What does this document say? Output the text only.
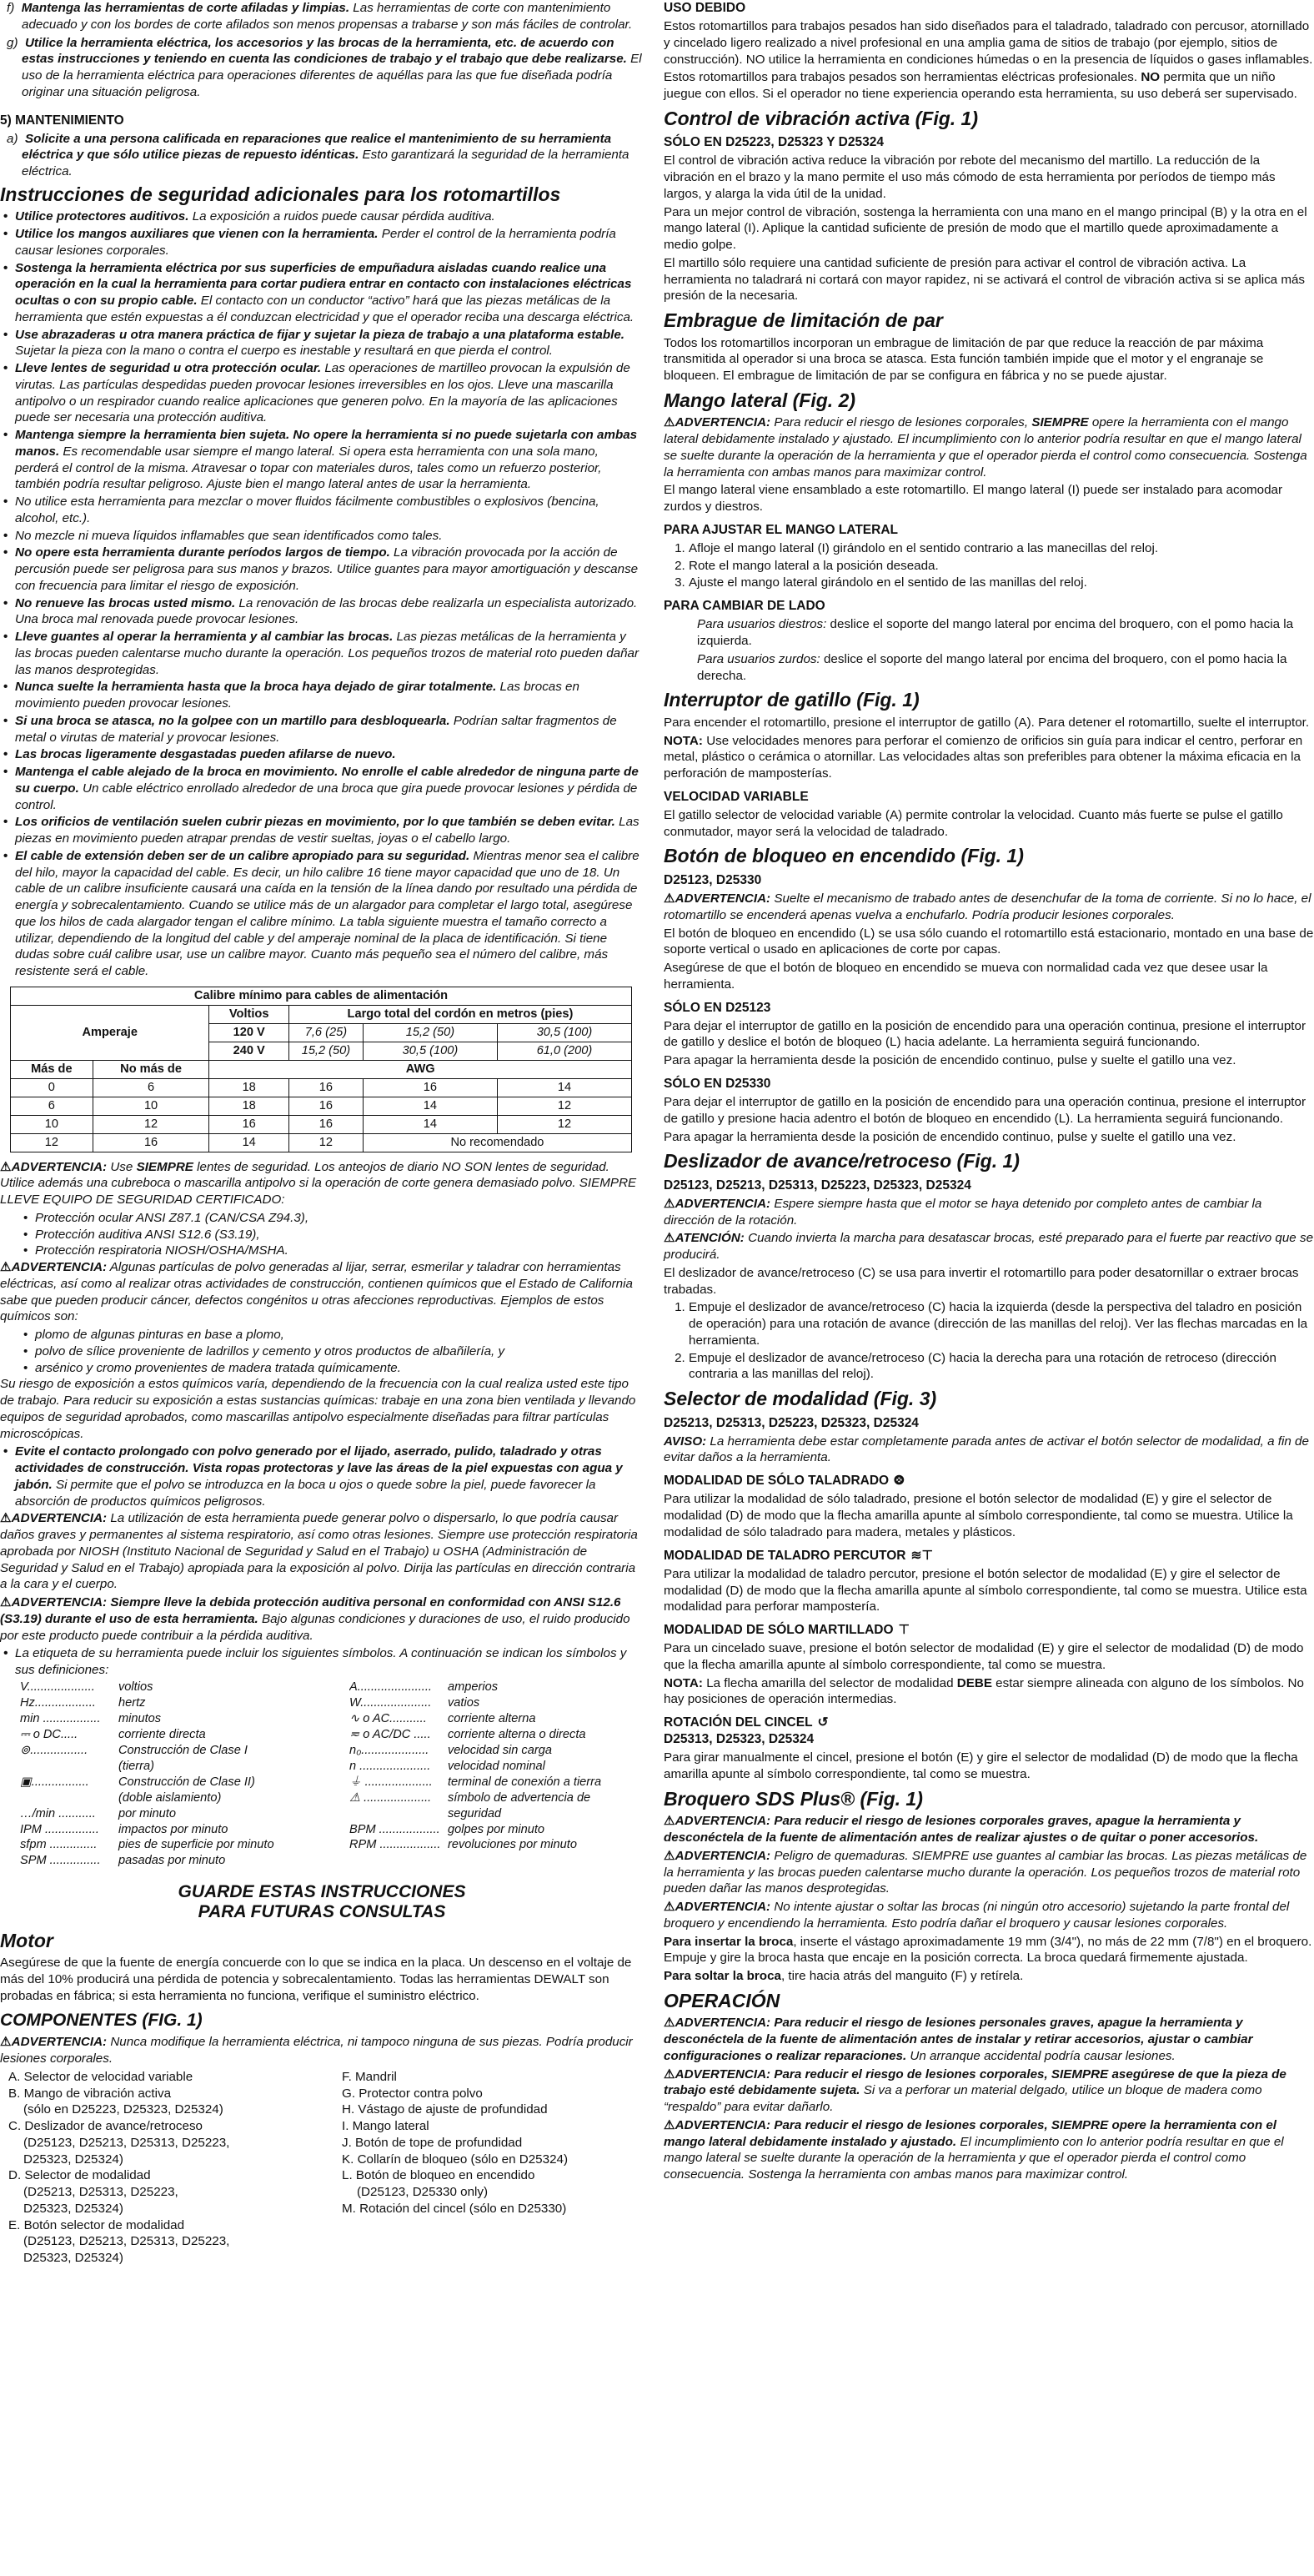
f) Mantenga las herramientas de corte afiladas y limpias. Las herramientas de corte con mantenimiento adecuado y con los bordes de corte afilados son menos propensas a trabarse y son más fáciles de controlar.

g) Utilice la herramienta eléctrica, los accesorios y las brocas de la herramienta, etc. de acuerdo con estas instrucciones y teniendo en cuenta las condiciones de trabajo y el trabajo que debe realizarse. El uso de la herramienta eléctrica para operaciones diferentes de aquéllas para las que fue diseñada podría originar una situación peligrosa.

5) MANTENIMIENTO

a) Solicite a una persona calificada en reparaciones que realice el mantenimiento de su herramienta eléctrica y que sólo utilice piezas de repuesto idénticas. Esto garantizará la seguridad de la herramienta eléctrica.

Instrucciones de seguridad adicionales para los rotomartillos

• Utilice protectores auditivos. La exposición a ruidos puede causar pérdida auditiva.
• Utilice los mangos auxiliares que vienen con la herramienta. Perder el control de la herramienta podría causar lesiones corporales.
• Sostenga la herramienta eléctrica por sus superficies de empuñadura aisladas cuando realice una operación en la cual la herramienta para cortar pudiera entrar en contacto con instalaciones eléctricas ocultas o con su propio cable. El contacto con un conductor “activo” hará que las piezas metálicas de la herramienta que estén expuestas a él conduzcan electricidad y que el operador reciba una descarga eléctrica.
• Use abrazaderas u otra manera práctica de fijar y sujetar la pieza de trabajo a una plataforma estable. Sujetar la pieza con la mano o contra el cuerpo es inestable y resultará en que pierda el control.
• Lleve lentes de seguridad u otra protección ocular. Las operaciones de martilleo provocan la expulsión de virutas. Las partículas despedidas pueden provocar lesiones irreversibles en los ojos. Lleve una mascarilla antipolvo o un respirador cuando realice aplicaciones que generen polvo. En la mayoría de las aplicaciones puede ser necesaria una protección auditiva.
• Mantenga siempre la herramienta bien sujeta. No opere la herramienta si no puede sujetarla con ambas manos. Es recomendable usar siempre el mango lateral. Si opera esta herramienta con una sola mano, perderá el control de la misma. Atravesar o topar con materiales duros, tales como un refuerzo posterior, también podría resultar peligroso. Ajuste bien el mango lateral antes de usar la herramienta.
• No utilice esta herramienta para mezclar o mover fluidos fácilmente combustibles o explosivos (bencina, alcohol, etc.).
• No mezcle ni mueva líquidos inflamables que sean identificados como tales.
• No opere esta herramienta durante períodos largos de tiempo. La vibración provocada por la acción de percusión puede ser peligrosa para sus manos y brazos. Utilice guantes para mayor amortiguación y descanse con frecuencia para limitar el riesgo de exposición.
• No renueve las brocas usted mismo. La renovación de las brocas debe realizarla un especialista autorizado. Una broca mal renovada puede provocar lesiones.
• Lleve guantes al operar la herramienta y al cambiar las brocas. Las piezas metálicas de la herramienta y las brocas pueden calentarse mucho durante la operación. Los pequeños trozos de material roto pueden dañar las manos desprotegidas.
• Nunca suelte la herramienta hasta que la broca haya dejado de girar totalmente. Las brocas en movimiento pueden provocar lesiones.
• Si una broca se atasca, no la golpee con un martillo para desbloquearla. Podrían saltar fragmentos de metal o virutas de material y provocar lesiones.
• Las brocas ligeramente desgastadas pueden afilarse de nuevo.
• Mantenga el cable alejado de la broca en movimiento. No enrolle el cable alrededor de ninguna parte de su cuerpo. Un cable eléctrico enrollado alrededor de una broca que gira puede provocar lesiones y pérdida de control.
• Los orificios de ventilación suelen cubrir piezas en movimiento, por lo que también se deben evitar. Las piezas en movimiento pueden atrapar prendas de vestir sueltas, joyas o el cabello largo.
• El cable de extensión deben ser de un calibre apropiado para su seguridad. Mientras menor sea el calibre del hilo, mayor la capacidad del cable. Es decir, un hilo calibre 16 tiene mayor capacidad que uno de 18. Un cable de un calibre insuficiente causará una caída en la tensión de la línea dando por resultado una pérdida de energía y sobrecalentamiento. Cuando se utilice más de un alargador para completar el largo total, asegúrese que los hilos de cada alargador tengan el calibre mínimo. La tabla siguiente muestra el tamaño correcto a utilizar, dependiendo de la longitud del cable y del amperaje nominal de la placa de identificación. Si tiene dudas sobre cuál calibre usar, use un calibre mayor. Cuanto más pequeño sea el número del calibre, más resistente será el cable.
Calibre mínimo para cables de alimentación					
Amperaje		Voltios	Largo total del cordón en metros (pies)		
		120 V	7,6 (25)	15,2 (50)	30,5 (100)
		240 V	15,2 (50)	30,5 (100)	61,0 (200)
Más de	No más de	AWG			
0	6	18	16	16	14
6	10	18	16	14	12
10	12	16	16	14	12
12	16	14	12	No recomendado	

⚠ADVERTENCIA: Use SIEMPRE lentes de seguridad. Los anteojos de diario NO SON lentes de seguridad. Utilice además una cubreboca o mascarilla antipolvo si la operación de corte genera demasiado polvo. SIEMPRE LLEVE EQUIPO DE SEGURIDAD CERTIFICADO:

• Protección ocular ANSI Z87.1 (CAN/CSA Z94.3),
• Protección auditiva ANSI S12.6 (S3.19),
• Protección respiratoria NIOSH/OSHA/MSHA.

⚠ADVERTENCIA: Algunas partículas de polvo generadas al lijar, serrar, esmerilar y taladrar con herramientas eléctricas, así como al realizar otras actividades de construcción, contienen químicos que el Estado de California sabe que pueden producir cáncer, defectos congénitos u otras afecciones reproductivas. Ejemplos de estos químicos son:

• plomo de algunas pinturas en base a plomo,
• polvo de sílice proveniente de ladrillos y cemento y otros productos de albañilería, y
• arsénico y cromo provenientes de madera tratada químicamente.

Su riesgo de exposición a estos químicos varía, dependiendo de la frecuencia con la cual realiza usted este tipo de trabajo. Para reducir su exposición a estas sustancias químicas: trabaje en una zona bien ventilada y llevando equipos de seguridad aprobados, como mascarillas antipolvo especialmente diseñadas para filtrar partículas microscópicas.

• Evite el contacto prolongado con polvo generado por el lijado, aserrado, pulido, taladrado y otras actividades de construcción. Vista ropas protectoras y lave las áreas de la piel expuestas con agua y jabón. Si permite que el polvo se introduzca en la boca u ojos o quede sobre la piel, puede favorecer la absorción de productos químicos peligrosos.

⚠ADVERTENCIA: La utilización de esta herramienta puede generar polvo o dispersarlo, lo que podría causar daños graves y permanentes al sistema respiratorio, así como otras lesiones. Siempre use protección respiratoria aprobada por NIOSH (Instituto Nacional de Seguridad y Salud en el Trabajo) u OSHA (Administración de Seguridad y Salud en el Trabajo) apropiada para la exposición al polvo. Dirija las partículas en dirección contraria a la cara y el cuerpo.

⚠ADVERTENCIA: Siempre lleve la debida protección auditiva personal en conformidad con ANSI S12.6 (S3.19) durante el uso de esta herramienta. Bajo algunas condiciones y duraciones de uso, el ruido producido por este producto puede contribuir a la pérdida auditiva.

• La etiqueta de su herramienta puede incluir los siguientes símbolos. A continuación se indican los símbolos y sus definiciones:
V....................	voltios
Hz..................	hertz
min .................	minutos
⎓ o DC.....	corriente directa
⊚.................	Construcción de Clase I
(tierra)
▣.................	Construcción de Clase II)
(doble aislamiento)
…/min ...........	por minuto
IPM ................	impactos por minuto
sfpm ..............	pies de superficie por minuto
SPM ...............	pasadas por minuto
A......................	amperios
W.....................	vatios
∿ o AC...........	corriente alterna
≂ o AC/DC .....	corriente alterna o directa
n₀....................	velocidad sin carga
n .....................	velocidad nominal
⏚ ....................	terminal de conexión a tierra
⚠ ....................	símbolo de advertencia de
seguridad
BPM .................. golpes por minuto
RPM .................. revoluciones por minuto
GUARDE ESTAS INSTRUCCIONES
PARA FUTURAS CONSULTAS

Motor

Asegúrese de que la fuente de energía concuerde con lo que se indica en la placa. Un descenso en el voltaje de más del 10% producirá una pérdida de potencia y sobrecalentamiento. Todas las herramientas DEWALT son probadas en fábrica; si esta herramienta no funciona, verifique el suministro eléctrico.

COMPONENTES (FIG. 1)

⚠ADVERTENCIA: Nunca modifique la herramienta eléctrica, ni tampoco ninguna de sus piezas. Podría producir lesiones corporales.

A. Selector de velocidad variable
B. Mango de vibración activa
(sólo en D25223, D25323, D25324)
C. Deslizador de avance/retroceso
(D25123, D25213, D25313, D25223,
D25323, D25324)
D. Selector de modalidad
(D25213, D25313, D25223,
D25323, D25324)
E. Botón selector de modalidad
(D25123, D25213, D25313, D25223,
D25323, D25324)
F. Mandril
G. Protector contra polvo
H. Vástago de ajuste de profundidad
I. Mango lateral
J. Botón de tope de profundidad
K. Collarín de bloqueo (sólo en D25324)
L. Botón de bloqueo en encendido
(D25123, D25330 only)
M. Rotación del cincel (sólo en D25330)

USO DEBIDO

Estos rotomartillos para trabajos pesados han sido diseñados para el taladrado, taladrado con percusor, atornillado y cincelado ligero realizado a nivel profesional en una amplia gama de sitios de trabajo (por ejemplo, sitios de construcción). NO utilice la herramienta en condiciones húmedas o en la presencia de líquidos o gases inflamables.

Estos rotomartillos para trabajos pesados son herramientas eléctricas profesionales. NO permita que un niño juegue con ellos. Si el operador no tiene experiencia operando esta herramienta, su uso deberá ser supervisado.

Control de vibración activa (Fig. 1)

SÓLO EN D25223, D25323 Y D25324

El control de vibración activa reduce la vibración por rebote del mecanismo del martillo. La reducción de la vibración en el brazo y la mano permite el uso más cómodo de esta herramienta por períodos de tiempo más largos, y alarga la vida útil de la unidad.

Para un mejor control de vibración, sostenga la herramienta con una mano en el mango principal (B) y la otra en el mango lateral (I). Aplique la cantidad suficiente de presión de modo que el martillo quede aproximadamente a medio golpe.

El martillo sólo requiere una cantidad suficiente de presión para activar el control de vibración activa. La herramienta no taladrará ni cortará con mayor rapidez, ni se activará el control de vibración activa si se aplica más presión de la necesaria.

Embrague de limitación de par

Todos los rotomartillos incorporan un embrague de limitación de par que reduce la reacción de par máxima transmitida al operador si una broca se atasca. Esta función también impide que el motor y el engranaje se bloqueen. El embrague de limitación de par se configura en fábrica y no se puede ajustar.

Mango lateral (Fig. 2)

⚠ADVERTENCIA: Para reducir el riesgo de lesiones corporales, SIEMPRE opere la herramienta con el mango lateral debidamente instalado y ajustado. El incumplimiento con lo anterior podría resultar en que el mango lateral se suelte durante la operación de la herramienta y que el operador pierda el control como consecuencia. Sostenga la herramienta con ambas manos para maximizar control.

El mango lateral viene ensamblado a este rotomartillo. El mango lateral (I) puede ser instalado para acomodar zurdos y diestros.

PARA AJUSTAR EL MANGO LATERAL

1. Afloje el mango lateral (I) girándolo en el sentido contrario a las manecillas del reloj.
2. Rote el mango lateral a la posición deseada.
3. Ajuste el mango lateral girándolo en el sentido de las manillas del reloj.

PARA CAMBIAR DE LADO

Para usuarios diestros: deslice el soporte del mango lateral por encima del broquero, con el pomo hacia la izquierda.

Para usuarios zurdos: deslice el soporte del mango lateral por encima del broquero, con el pomo hacia la derecha.

Interruptor de gatillo (Fig. 1)

Para encender el rotomartillo, presione el interruptor de gatillo (A). Para detener el rotomartillo, suelte el interruptor.

NOTA: Use velocidades menores para perforar el comienzo de orificios sin guía para indicar el centro, perforar en metal, plástico o cerámica o atornillar. Las velocidades altas son preferibles para obtener la máxima eficacia en la perforación de mamposterías.

VELOCIDAD VARIABLE

El gatillo selector de velocidad variable (A) permite controlar la velocidad. Cuanto más fuerte se pulse el gatillo conmutador, mayor será la velocidad de taladrado.

Botón de bloqueo en encendido (Fig. 1)

D25123, D25330

⚠ADVERTENCIA: Suelte el mecanismo de trabado antes de desenchufar de la toma de corriente. Si no lo hace, el rotomartillo se encenderá apenas vuelva a enchufarlo. Podría producir lesiones corporales.

El botón de bloqueo en encendido (L) se usa sólo cuando el rotomartillo está estacionario, montado en una base de soporte vertical o usado en aplicaciones de corte por capas.

Asegúrese de que el botón de bloqueo en encendido se mueva con normalidad cada vez que desee usar la herramienta.

SÓLO EN D25123

Para dejar el interruptor de gatillo en la posición de encendido para una operación continua, presione el interruptor de gatillo y deslice el botón de bloqueo (L) hacia adelante. La herramienta seguirá funcionando.

Para apagar la herramienta desde la posición de encendido continuo, pulse y suelte el gatillo una vez.

SÓLO EN D25330

Para dejar el interruptor de gatillo en la posición de encendido para una operación continua, presione el interruptor de gatillo y presione hacia adentro el botón de bloqueo en encendido (L). La herramienta seguirá funcionando.

Para apagar la herramienta desde la posición de encendido continuo, pulse y suelte el gatillo una vez.

Deslizador de avance/retroceso (Fig. 1)

D25123, D25213, D25313, D25223, D25323, D25324

⚠ADVERTENCIA: Espere siempre hasta que el motor se haya detenido por completo antes de cambiar la dirección de la rotación.

⚠ATENCIÓN: Cuando invierta la marcha para desatascar brocas, esté preparado para el fuerte par reactivo que se producirá.

El deslizador de avance/retroceso (C) se usa para invertir el rotomartillo para poder desatornillar o extraer brocas trabadas.

1. Empuje el deslizador de avance/retroceso (C) hacia la izquierda (desde la perspectiva del taladro en posición de operación) para una rotación de avance (dirección de las manillas del reloj). Ver las flechas marcadas en la herramienta.
2. Empuje el deslizador de avance/retroceso (C) hacia la derecha para una rotación de retroceso (dirección contraria a las manillas del reloj).

Selector de modalidad (Fig. 3)

D25213, D25313, D25223, D25323, D25324

AVISO: La herramienta debe estar completamente parada antes de activar el botón selector de modalidad, a fin de evitar daños a la herramienta.

MODALIDAD DE SÓLO TALADRADO ⨷

Para utilizar la modalidad de sólo taladrado, presione el botón selector de modalidad (E) y gire el selector de modalidad (D) de modo que la flecha amarilla apunte al símbolo correspondiente, tal como se muestra. Utilice la modalidad de sólo taladrado para madera, metales y plásticos.

MODALIDAD DE TALADRO PERCUTOR ≋⊤

Para utilizar la modalidad de taladro percutor, presione el botón selector de modalidad (E) y gire el selector de modalidad (D) de modo que la flecha amarilla apunte al símbolo correspondiente, tal como se muestra. Utilice esta modalidad para perforar mampostería.

MODALIDAD DE SÓLO MARTILLADO ⊤

Para un cincelado suave, presione el botón selector de modalidad (E) y gire el selector de modalidad (D) de modo que la flecha amarilla apunte al símbolo correspondiente, tal como se muestra.

NOTA: La flecha amarilla del selector de modalidad DEBE estar siempre alineada con alguno de los símbolos. No hay posiciones de operación intermedias.

ROTACIÓN DEL CINCEL ↺

D25313, D25323, D25324

Para girar manualmente el cincel, presione el botón (E) y gire el selector de modalidad (D) de modo que la flecha amarilla apunte al símbolo correspondiente, tal como se muestra.

Broquero SDS Plus® (Fig. 1)

⚠ADVERTENCIA: Para reducir el riesgo de lesiones corporales graves, apague la herramienta y desconéctela de la fuente de alimentación antes de realizar ajustes o de quitar o poner accesorios.

⚠ADVERTENCIA: Peligro de quemaduras. SIEMPRE use guantes al cambiar las brocas. Las piezas metálicas de la herramienta y las brocas pueden calentarse mucho durante la operación. Los pequeños trozos de material roto pueden dañar las manos desprotegidas.

⚠ADVERTENCIA: No intente ajustar o soltar las brocas (ni ningún otro accesorio) sujetando la parte frontal del broquero y encendiendo la herramienta. Esto podría dañar el broquero y causar lesiones corporales.

Para insertar la broca, inserte el vástago aproximadamente 19 mm (3/4"), no más de 22 mm (7/8") en el broquero. Empuje y gire la broca hasta que encaje en la posición correcta. La broca quedará firmemente ajustada.

Para soltar la broca, tire hacia atrás del manguito (F) y retírela.

OPERACIÓN

⚠ADVERTENCIA: Para reducir el riesgo de lesiones personales graves, apague la herramienta y desconéctela de la fuente de alimentación antes de instalar y retirar accesorios, ajustar o cambiar configuraciones o realizar reparaciones. Un arranque accidental podría causar lesiones.

⚠ADVERTENCIA: Para reducir el riesgo de lesiones corporales, SIEMPRE asegúrese de que la pieza de trabajo esté debidamente sujeta. Si va a perforar un material delgado, utilice un bloque de madera como “respaldo” para evitar dañarlo.

⚠ADVERTENCIA: Para reducir el riesgo de lesiones corporales, SIEMPRE opere la herramienta con el mango lateral debidamente instalado y ajustado. El incumplimiento con lo anterior podría resultar en que el mango lateral se suelte durante la operación de la herramienta y que el operador pierda el control como consecuencia. Sostenga la herramienta con ambas manos para maximizar control.
